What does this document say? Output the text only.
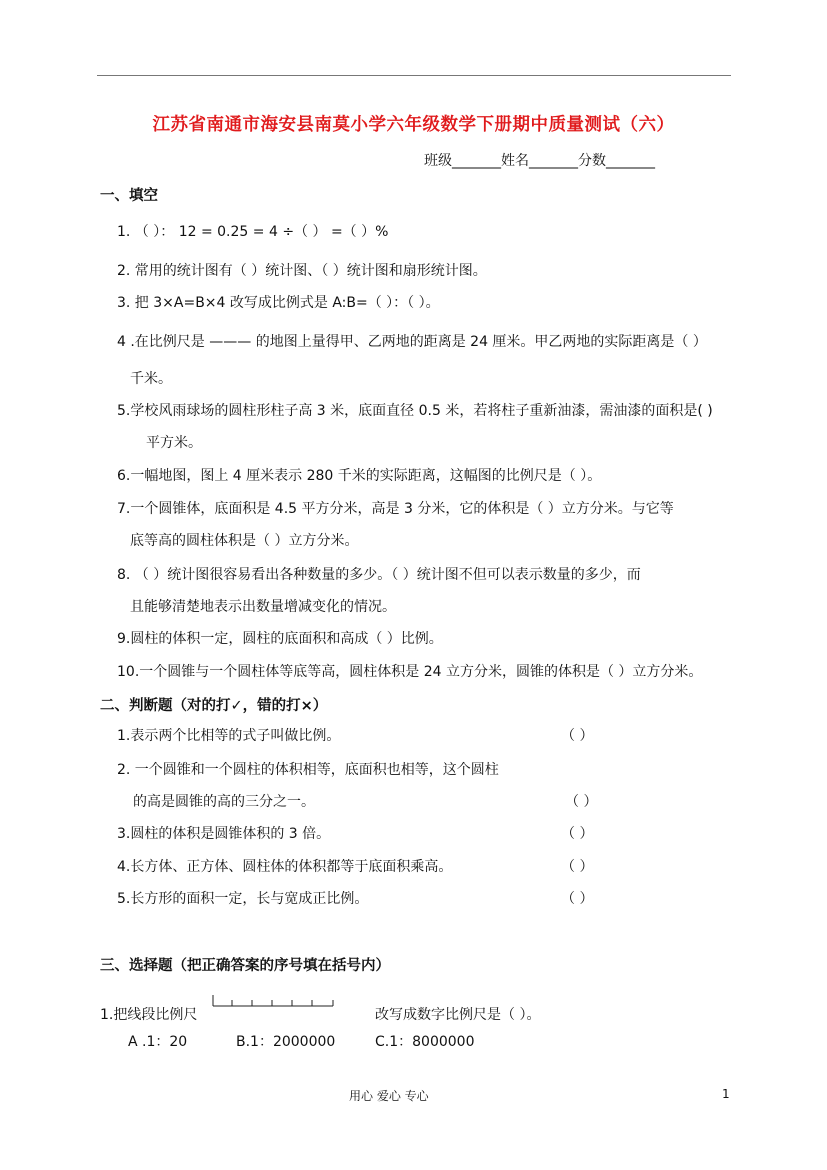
江苏省南通市海安县南莫小学六年级数学下册期中质量测试（六）
班级_______姓名_______分数_______
一、填空
1. （ ）： 12 = 0.25 = 4 ÷（ ） =（ ）%
2. 常用的统计图有（ ）统计图、（ ）统计图和扇形统计图。
3. 把 3×A=B×4 改写成比例式是 A:B=（ ）：（ ）。
4 .在比例尺是 ——— 的地图上量得甲、乙两地的距离是 24 厘米。甲乙两地的实际距离是（ ）
千米。
5.学校风雨球场的圆柱形柱子高 3 米，底面直径 0.5 米，若将柱子重新油漆，需油漆的面积是( )
平方米。
6.一幅地图，图上 4 厘米表示 280 千米的实际距离，这幅图的比例尺是（ ）。
7.一个圆锥体，底面积是 4.5 平方分米，高是 3 分米，它的体积是（ ）立方分米。与它等
底等高的圆柱体积是（ ）立方分米。
8. （ ）统计图很容易看出各种数量的多少。（ ）统计图不但可以表示数量的多少，而
且能够清楚地表示出数量增减变化的情况。
9.圆柱的体积一定，圆柱的底面积和高成（ ）比例。
10.一个圆锥与一个圆柱体等底等高，圆柱体积是 24 立方分米，圆锥的体积是（ ）立方分米。
二、判断题（对的打✓，错的打×）
1.表示两个比相等的式子叫做比例。	（ ）
2. 一个圆锥和一个圆柱的体积相等，底面积也相等，这个圆柱
的高是圆锥的高的三分之一。	（ ）
3.圆柱的体积是圆锥体积的 3 倍。	（ ）
4.长方体、正方体、圆柱体的体积都等于底面积乘高。	（ ）
5.长方形的面积一定，长与宽成正比例。	（ ）
三、选择题（把正确答案的序号填在括号内）
1.把线段比例尺	改写成数字比例尺是（ ）。
A .1：20	B.1：2000000	C.1：8000000
用心 爱心 专心	1
